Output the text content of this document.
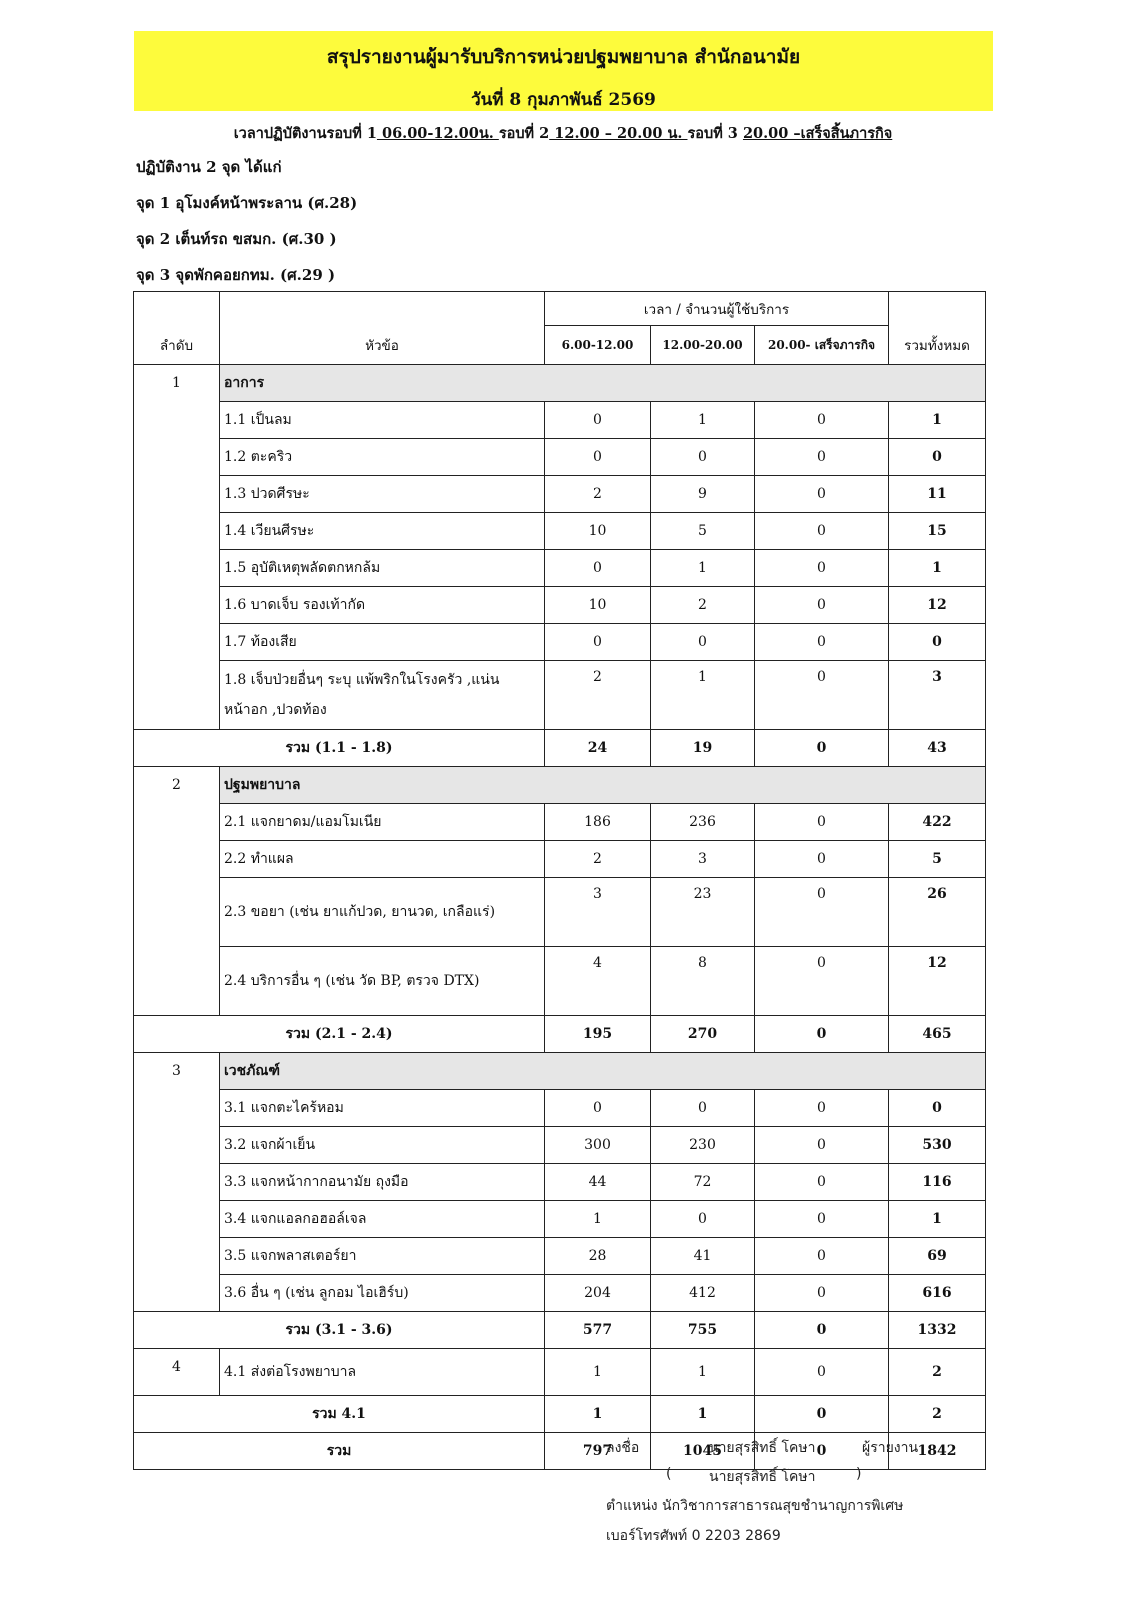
สรุปรายงานผู้มารับบริการหน่วยปฐมพยาบาล สำนักอนามัย
วันที่ 8 กุมภาพันธ์ 2569
เวลาปฏิบัติงานรอบที่ 1 06.00-12.00น. รอบที่ 2 12.00 – 20.00 น. รอบที่ 3 20.00 –เสร็จสิ้นภารกิจ
ปฏิบัติงาน 2 จุด ได้แก่
จุด 1 อุโมงค์หน้าพระลาน (ศ.28)
จุด 2 เต็นท์รถ ขสมก. (ศ.30 )
จุด 3 จุดพักคอยกทม. (ศ.29 )
ลำดับ	หัวข้อ	เวลา / จำนวนผู้ใช้บริการ			รวมทั้งหมด
		6.00-12.00	12.00-20.00	20.00- เสร็จภารกิจ	
1	อาการ				
	1.1 เป็นลม	0	1	0	1
	1.2 ตะคริว	0	0	0	0
	1.3 ปวดศีรษะ	2	9	0	11
	1.4 เวียนศีรษะ	10	5	0	15
	1.5 อุบัติเหตุพลัดตกหกล้ม	0	1	0	1
	1.6 บาดเจ็บ รองเท้ากัด	10	2	0	12
	1.7 ท้องเสีย	0	0	0	0
	1.8 เจ็บป่วยอื่นๆ ระบุ แพ้พริกในโรงครัว ,แน่น หน้าอก ,ปวดท้อง	2	1	0	3
รวม (1.1 - 1.8)		24	19	0	43
2	ปฐมพยาบาล				
	2.1 แจกยาดม/แอมโมเนีย	186	236	0	422
	2.2 ทำแผล	2	3	0	5
	2.3 ขอยา (เช่น ยาแก้ปวด, ยานวด, เกลือแร่)	3	23	0	26
	2.4 บริการอื่น ๆ (เช่น วัด BP, ตรวจ DTX)	4	8	0	12
รวม (2.1 - 2.4)		195	270	0	465
3	เวชภัณฑ์				
	3.1 แจกตะไคร้หอม	0	0	0	0
	3.2 แจกผ้าเย็น	300	230	0	530
	3.3 แจกหน้ากากอนามัย ถุงมือ	44	72	0	116
	3.4 แจกแอลกอฮอล์เจล	1	0	0	1
	3.5 แจกพลาสเตอร์ยา	28	41	0	69
	3.6 อื่น ๆ (เช่น ลูกอม ไอเฮิร์บ)	204	412	0	616
รวม (3.1 - 3.6)		577	755	0	1332
4	4.1 ส่งต่อโรงพยาบาล	1	1	0	2
รวม 4.1		1	1	0	2
รวม		797	1045	0	1842
ลงชื่อ	นายสุรสิทธิ์ โคษา	ผู้รายงาน
(	นายสุรสิทธิ์ โคษา	)
ตำแหน่ง นักวิชาการสาธารณสุขชำนาญการพิเศษ
เบอร์โทรศัพท์ 0 2203 2869
